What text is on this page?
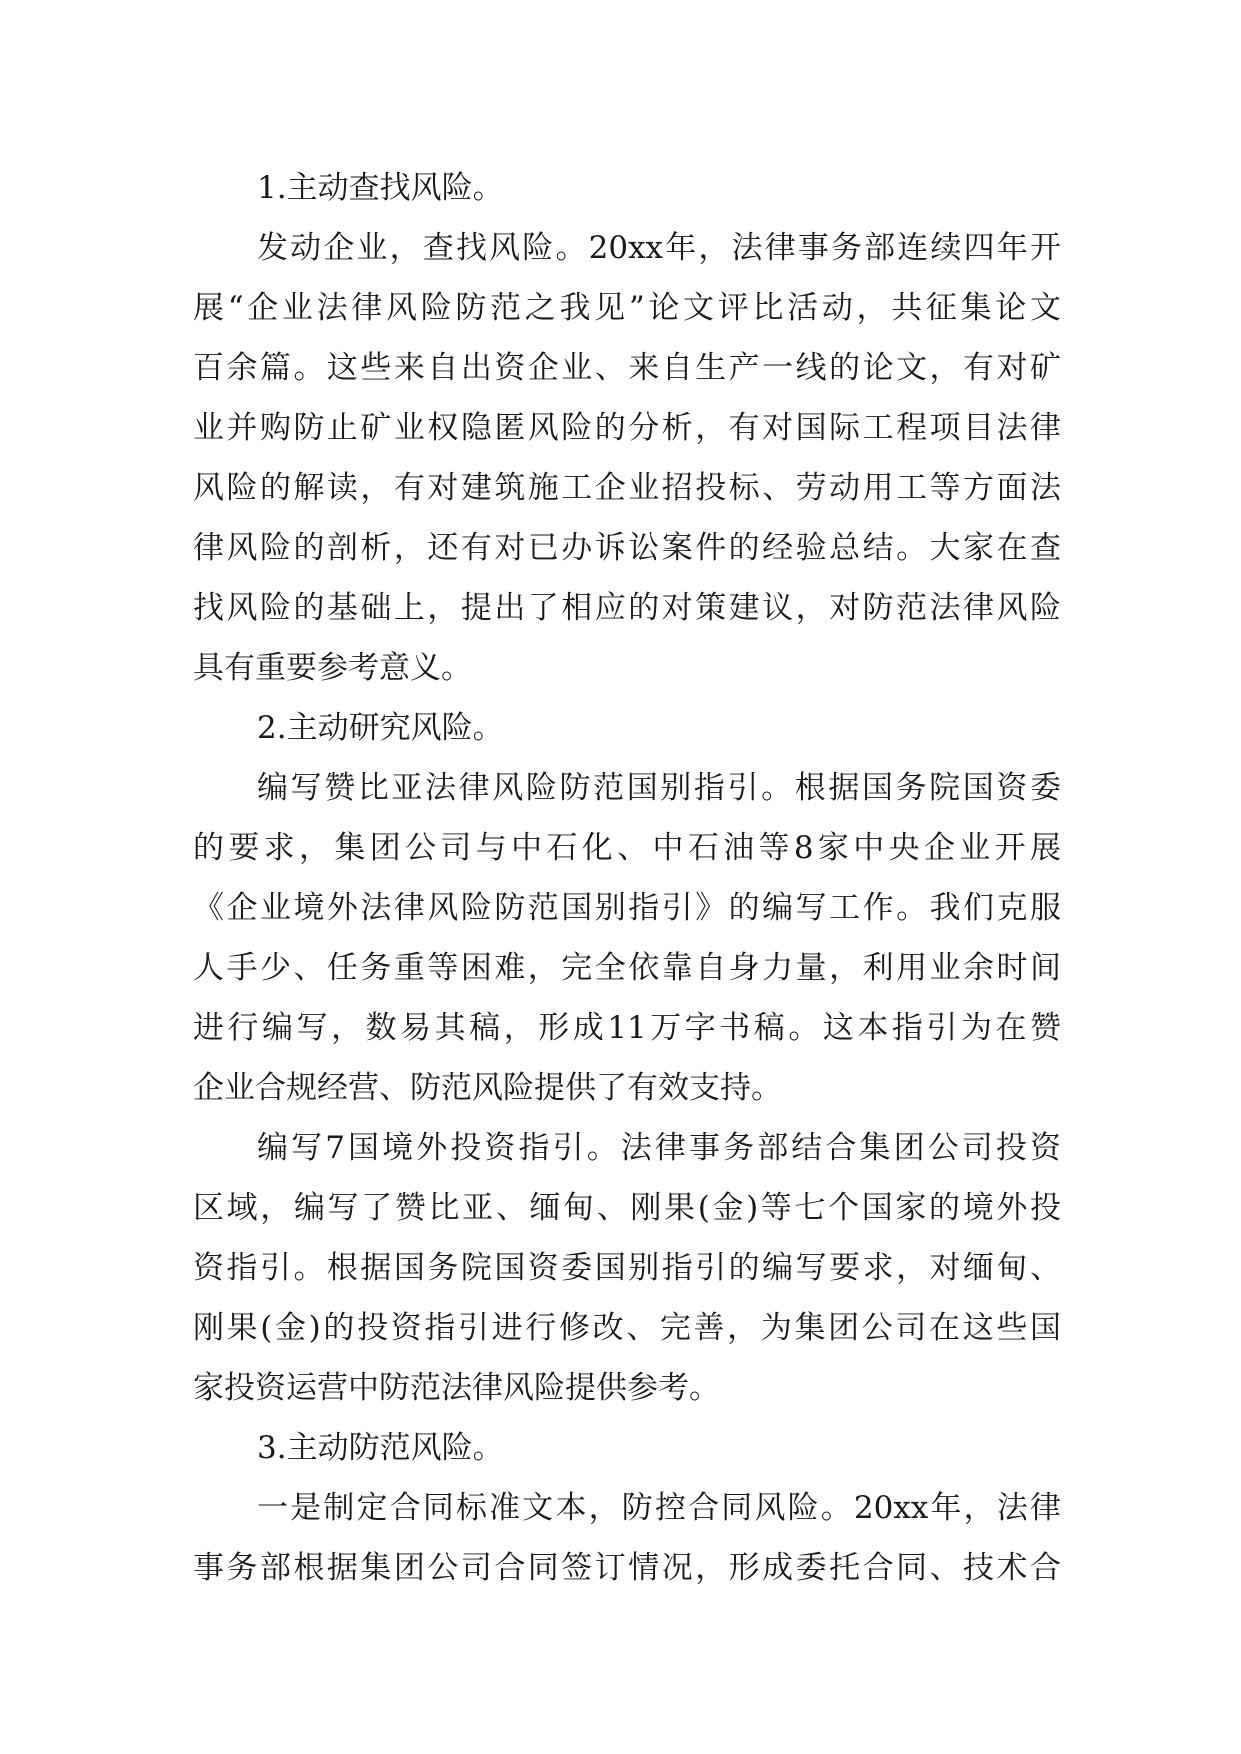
1.主动查找风险。
发动企业，查找风险。20xx年，法律事务部连续四年开
展“企业法律风险防范之我见”论文评比活动，共征集论文
百余篇。这些来自出资企业、来自生产一线的论文，有对矿
业并购防止矿业权隐匿风险的分析，有对国际工程项目法律
风险的解读，有对建筑施工企业招投标、劳动用工等方面法
律风险的剖析，还有对已办诉讼案件的经验总结。大家在查
找风险的基础上，提出了相应的对策建议，对防范法律风险
具有重要参考意义。
2.主动研究风险。
编写赞比亚法律风险防范国别指引。根据国务院国资委
的要求，集团公司与中石化、中石油等8家中央企业开展
《企业境外法律风险防范国别指引》的编写工作。我们克服
人手少、任务重等困难，完全依靠自身力量，利用业余时间
进行编写，数易其稿，形成11万字书稿。这本指引为在赞
企业合规经营、防范风险提供了有效支持。
编写7国境外投资指引。法律事务部结合集团公司投资
区域，编写了赞比亚、缅甸、刚果(金)等七个国家的境外投
资指引。根据国务院国资委国别指引的编写要求，对缅甸、
刚果(金)的投资指引进行修改、完善，为集团公司在这些国
家投资运营中防范法律风险提供参考。
3.主动防范风险。
一是制定合同标准文本，防控合同风险。20xx年，法律
事务部根据集团公司合同签订情况，形成委托合同、技术合
